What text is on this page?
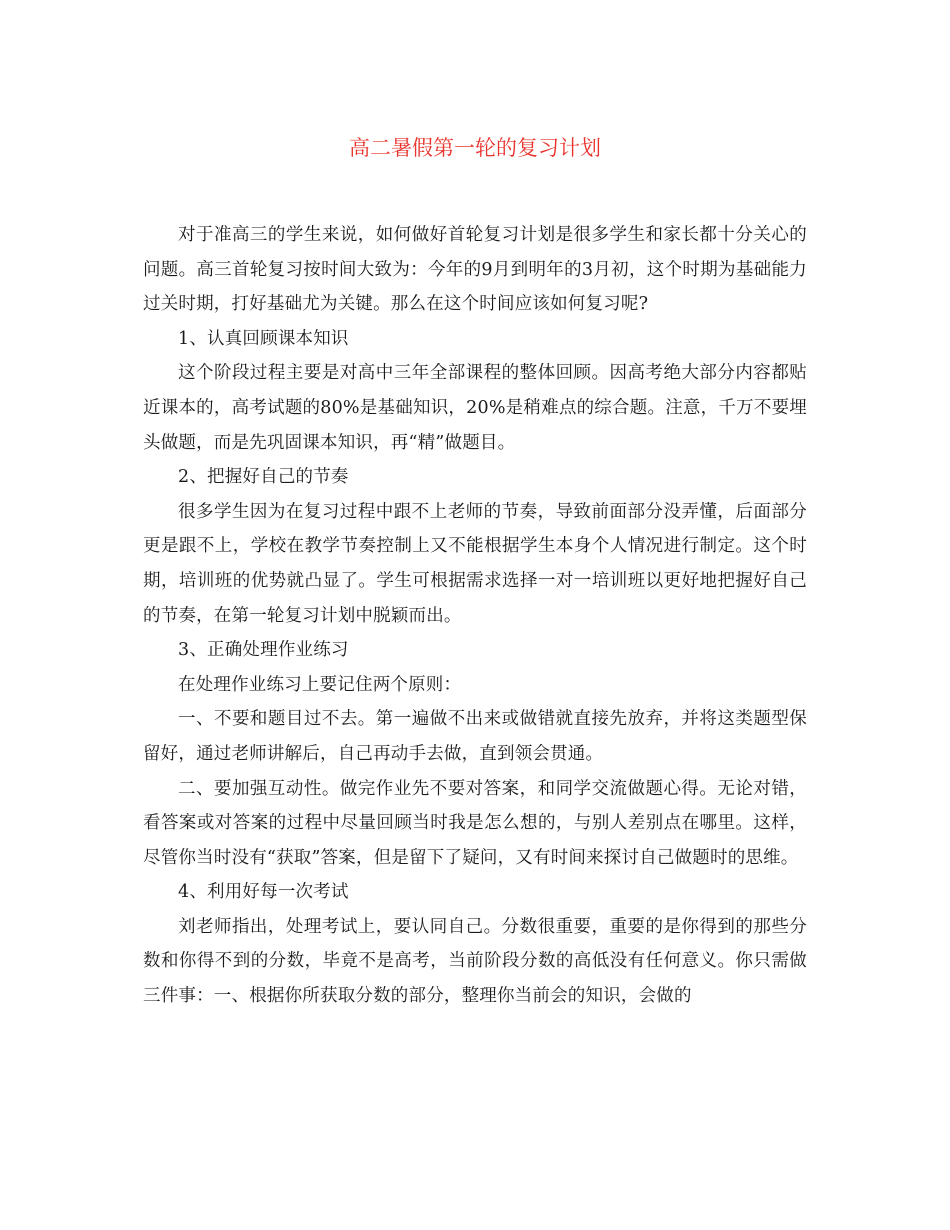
高二暑假第一轮的复习计划

对于准高三的学生来说，如何做好首轮复习计划是很多学生和家长都十分关心的问题。高三首轮复习按时间大致为：今年的9月到明年的3月初，这个时期为基础能力过关时期，打好基础尤为关键。那么在这个时间应该如何复习呢?

1、认真回顾课本知识

这个阶段过程主要是对高中三年全部课程的整体回顾。因高考绝大部分内容都贴近课本的，高考试题的80%是基础知识，20%是稍难点的综合题。注意，千万不要埋头做题，而是先巩固课本知识，再“精”做题目。

2、把握好自己的节奏

很多学生因为在复习过程中跟不上老师的节奏，导致前面部分没弄懂，后面部分更是跟不上，学校在教学节奏控制上又不能根据学生本身个人情况进行制定。这个时期，培训班的优势就凸显了。学生可根据需求选择一对一培训班以更好地把握好自己的节奏，在第一轮复习计划中脱颖而出。

3、正确处理作业练习

在处理作业练习上要记住两个原则：

一、不要和题目过不去。第一遍做不出来或做错就直接先放弃，并将这类题型保留好，通过老师讲解后，自己再动手去做，直到领会贯通。

二、要加强互动性。做完作业先不要对答案，和同学交流做题心得。无论对错，看答案或对答案的过程中尽量回顾当时我是怎么想的，与别人差别点在哪里。这样，尽管你当时没有“获取”答案，但是留下了疑问，又有时间来探讨自己做题时的思维。

4、利用好每一次考试

刘老师指出，处理考试上，要认同自己。分数很重要，重要的是你得到的那些分数和你得不到的分数，毕竟不是高考，当前阶段分数的高低没有任何意义。你只需做三件事：一、根据你所获取分数的部分，整理你当前会的知识，会做的
